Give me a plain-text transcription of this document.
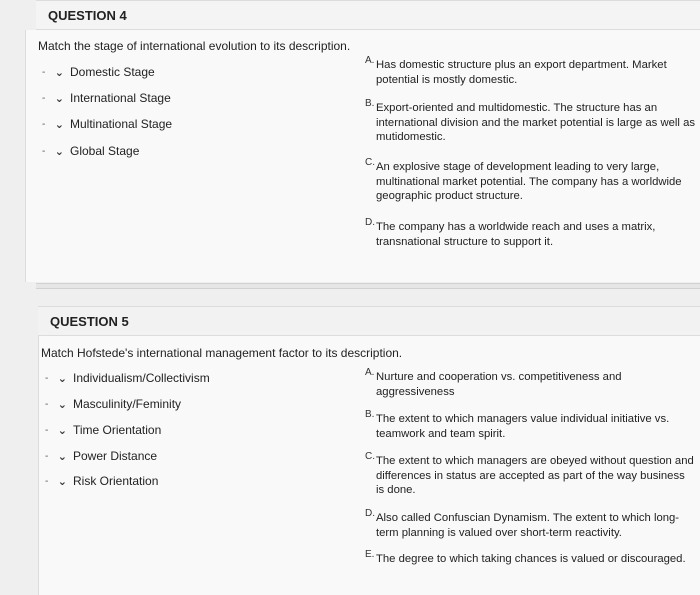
QUESTION 4
Match the stage of international evolution to its description.
- ⌄ Domestic Stage
- ⌄ International Stage
- ⌄ Multinational Stage
- ⌄ Global Stage
A. Has domestic structure plus an export department. Market potential is mostly domestic.
B. Export-oriented and multidomestic. The structure has an international division and the market potential is large as well as mutidomestic.
C. An explosive stage of development leading to very large, multinational market potential. The company has a worldwide geographic product structure.
D. The company has a worldwide reach and uses a matrix, transnational structure to support it.
QUESTION 5
Match Hofstede's international management factor to its description.
- ⌄ Individualism/Collectivism
- ⌄ Masculinity/Feminity
- ⌄ Time Orientation
- ⌄ Power Distance
- ⌄ Risk Orientation
A. Nurture and cooperation vs. competitiveness and aggressiveness
B. The extent to which managers value individual initiative vs. teamwork and team spirit.
C. The extent to which managers are obeyed without question and differences in status are accepted as part of the way business is done.
D. Also called Confuscian Dynamism. The extent to which long-term planning is valued over short-term reactivity.
E. The degree to which taking chances is valued or discouraged.
